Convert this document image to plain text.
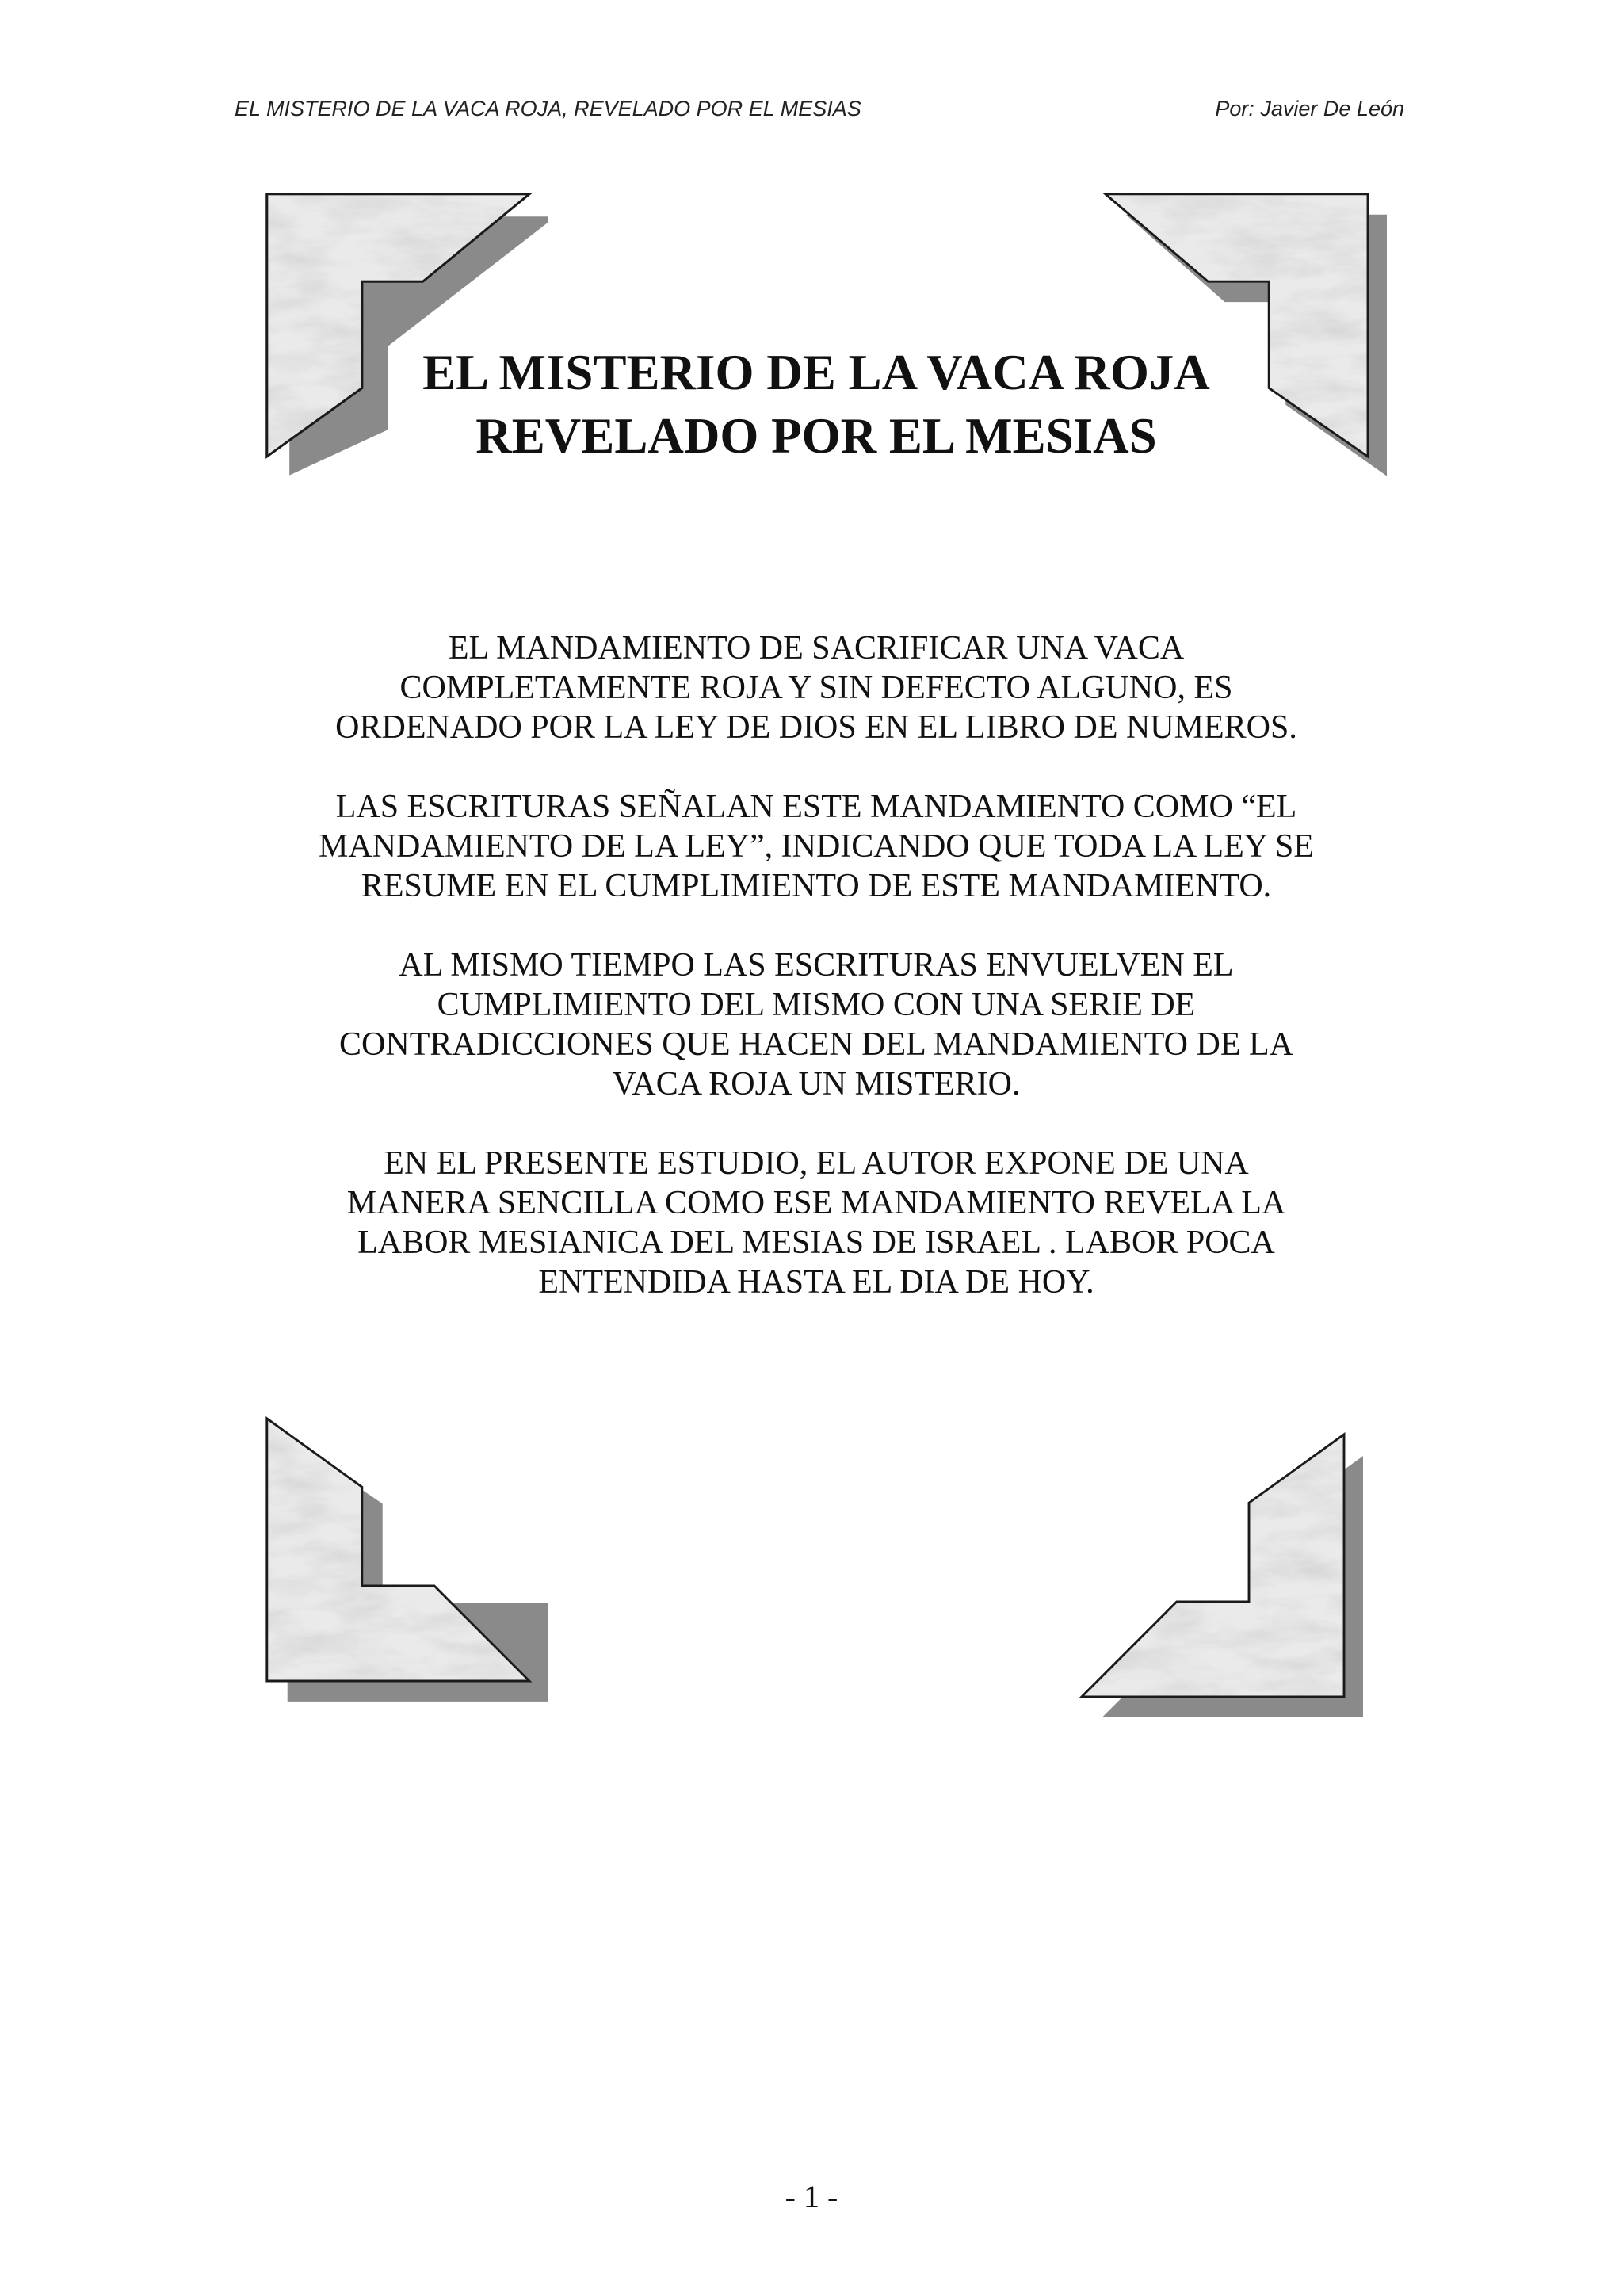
EL MISTERIO DE LA VACA ROJA, REVELADO POR EL MESIAS	Por: Javier De León
EL MISTERIO DE LA VACA ROJA
REVELADO POR EL MESIAS

EL MANDAMIENTO DE SACRIFICAR UNA VACA COMPLETAMENTE ROJA Y SIN DEFECTO ALGUNO, ES ORDENADO POR LA LEY DE DIOS EN EL LIBRO DE NUMEROS.

LAS ESCRITURAS SEÑALAN ESTE MANDAMIENTO COMO “EL MANDAMIENTO DE LA LEY”, INDICANDO QUE TODA LA LEY SE RESUME EN EL CUMPLIMIENTO DE ESTE MANDAMIENTO.

AL MISMO TIEMPO LAS ESCRITURAS ENVUELVEN EL CUMPLIMIENTO DEL MISMO CON UNA SERIE DE CONTRADICCIONES QUE HACEN DEL MANDAMIENTO DE LA VACA ROJA UN MISTERIO.

EN EL PRESENTE ESTUDIO, EL AUTOR EXPONE DE UNA MANERA SENCILLA COMO ESE MANDAMIENTO REVELA LA LABOR MESIANICA DEL MESIAS DE ISRAEL . LABOR POCA ENTENDIDA HASTA EL DIA DE HOY.

- 1 -
